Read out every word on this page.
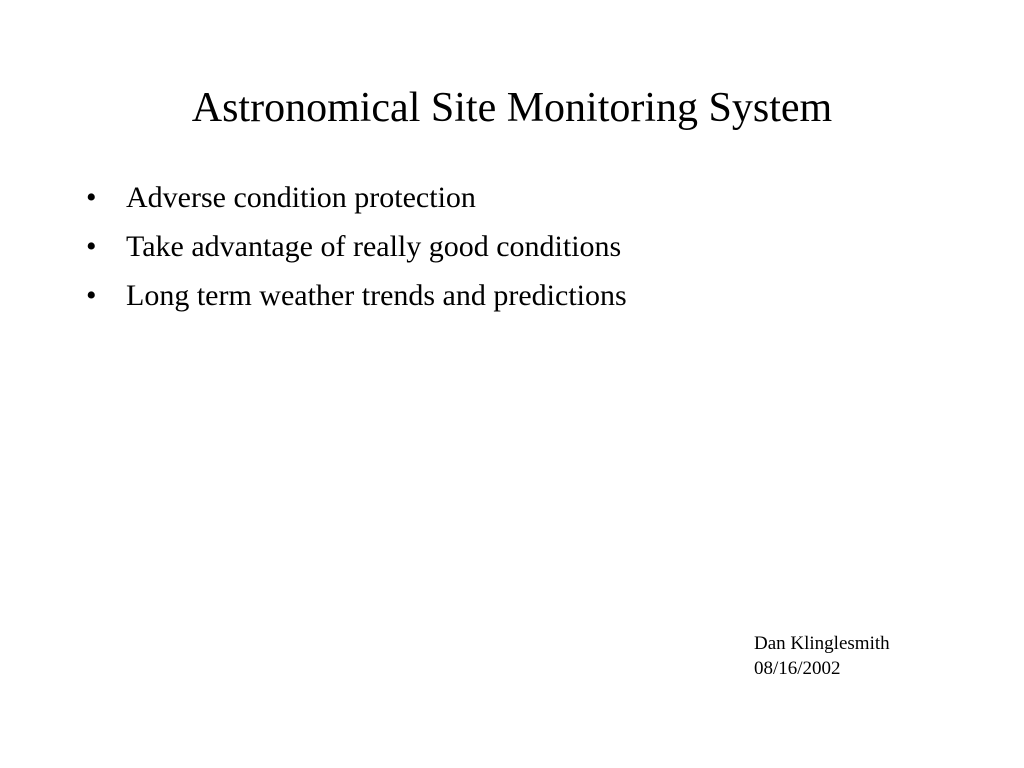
Astronomical Site Monitoring System
• Adverse condition protection
• Take advantage of really good conditions
• Long term weather trends and predictions
Dan Klinglesmith
08/16/2002
